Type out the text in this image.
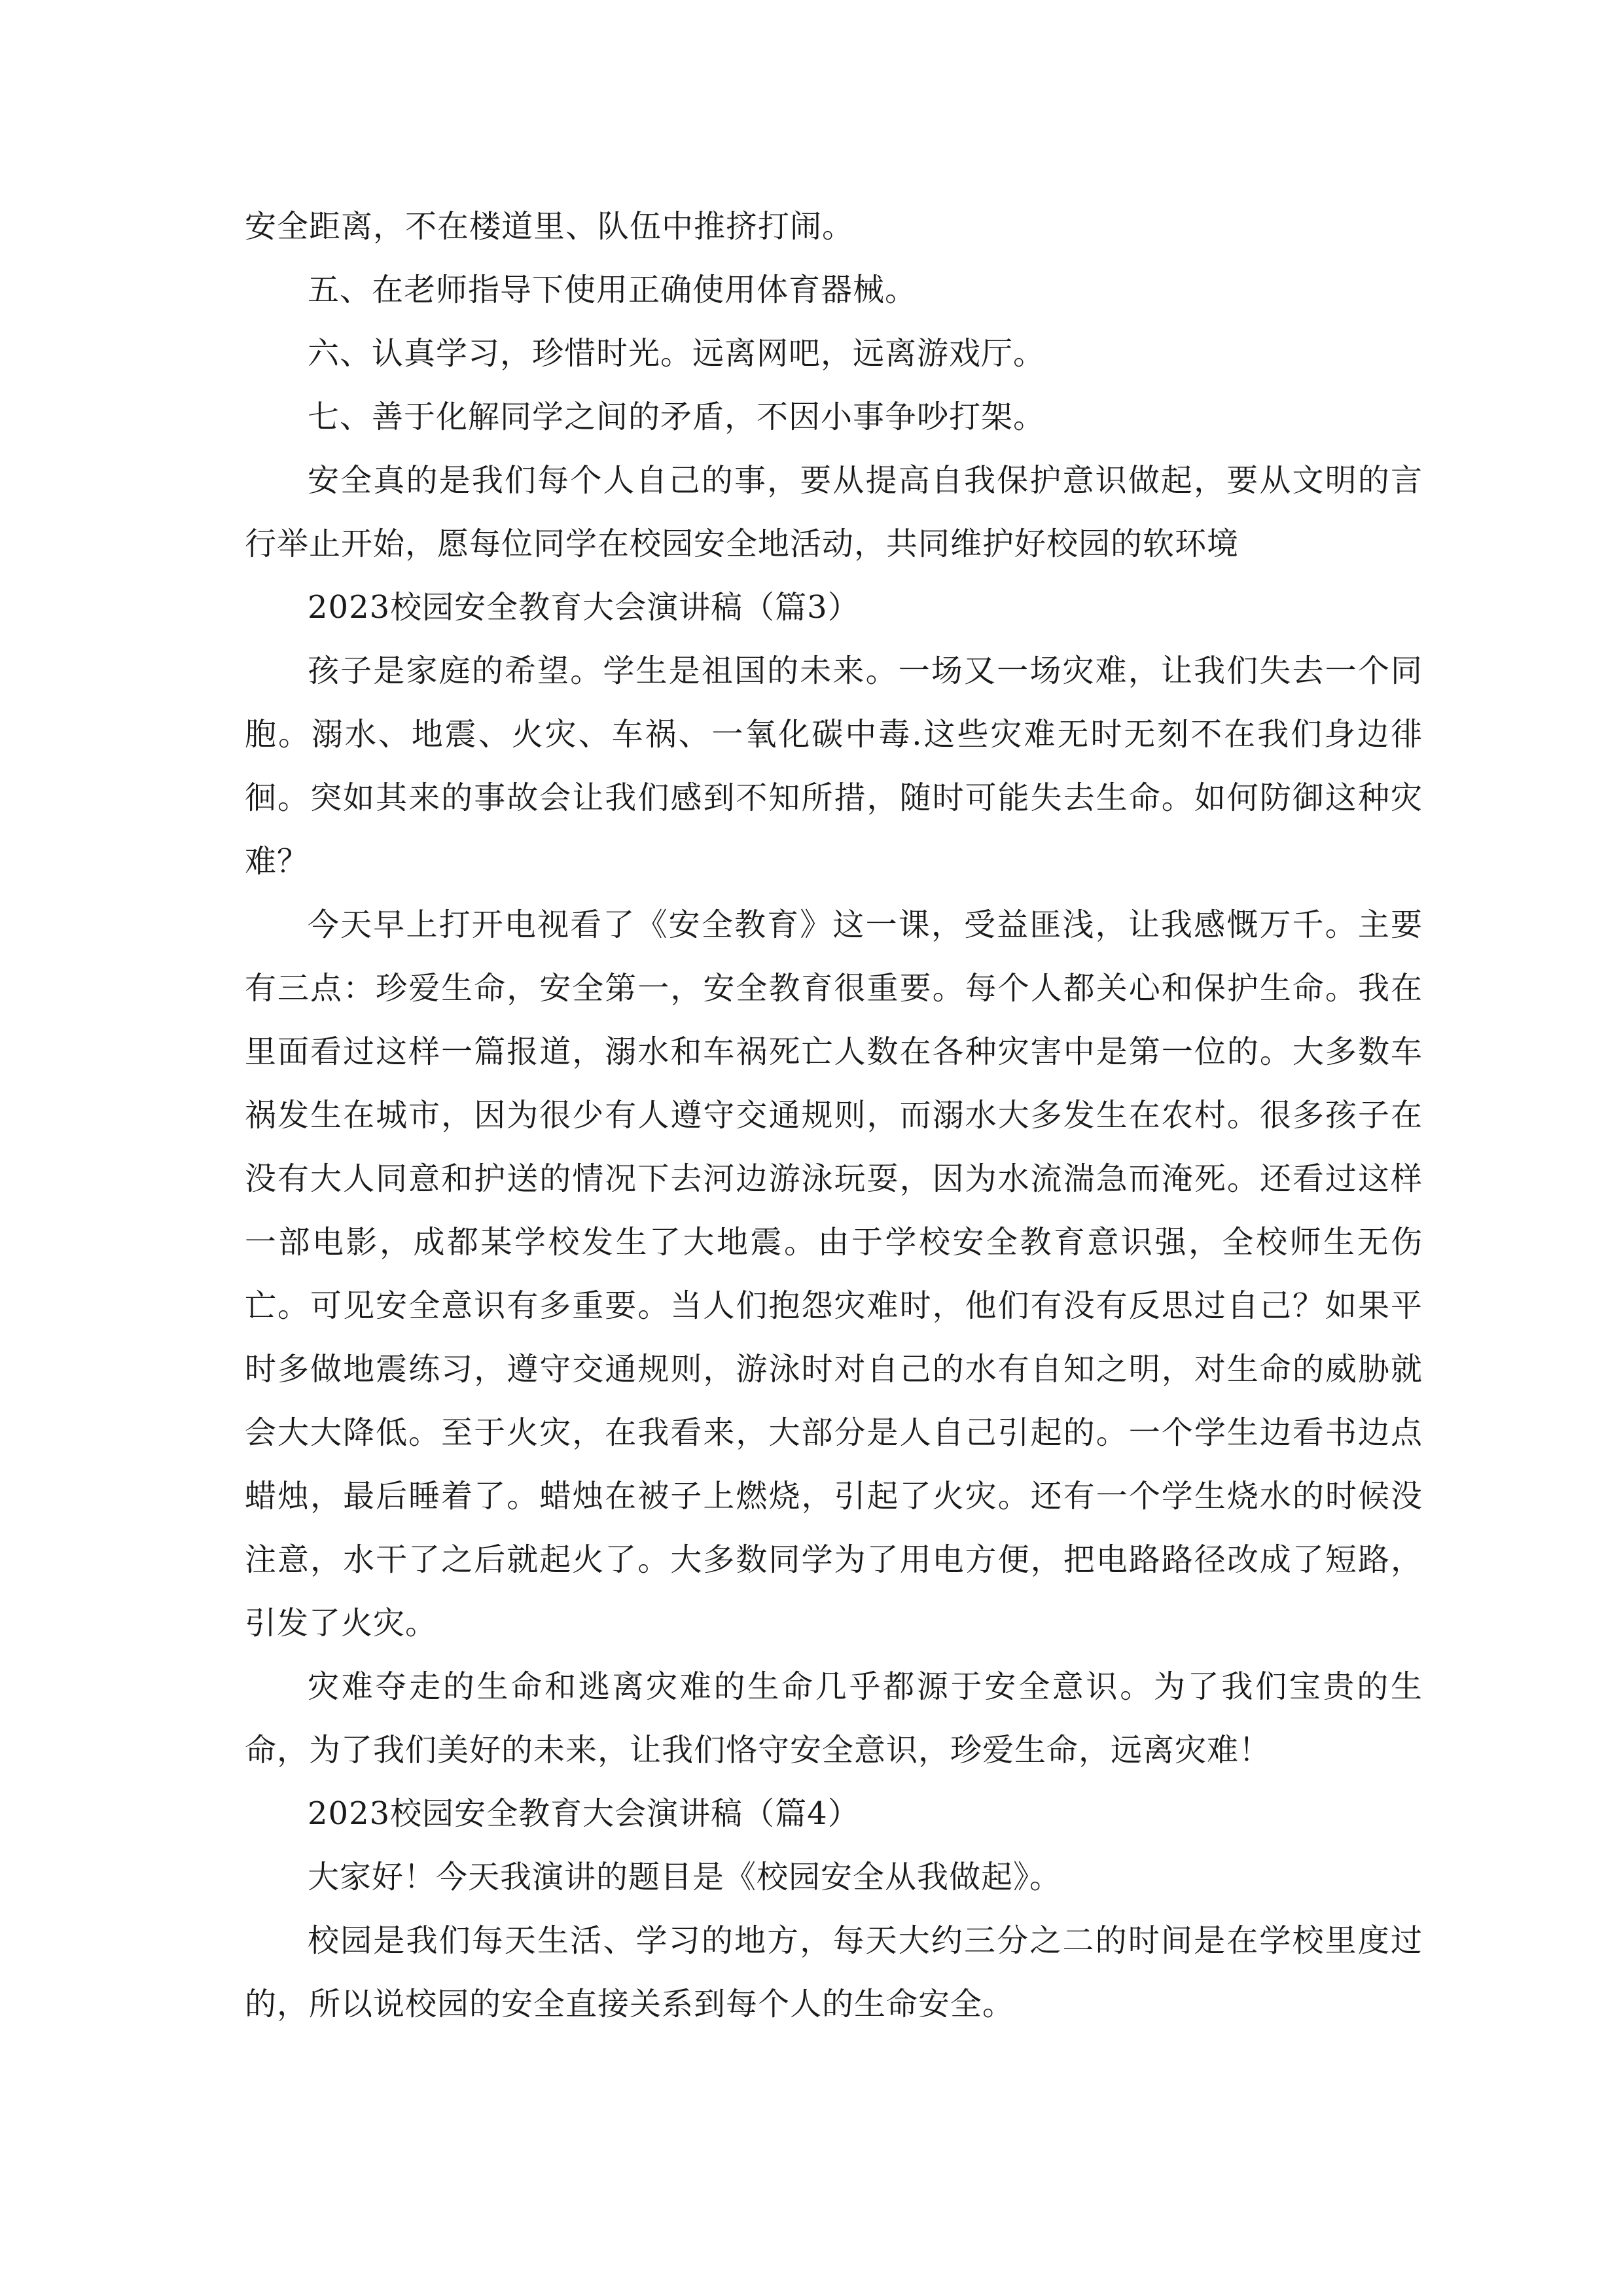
安全距离，不在楼道里、队伍中推挤打闹。

五、在老师指导下使用正确使用体育器械。

六、认真学习，珍惜时光。远离网吧，远离游戏厅。

七、善于化解同学之间的矛盾，不因小事争吵打架。

安全真的是我们每个人自己的事，要从提高自我保护意识做起，要从文明的言行举止开始，愿每位同学在校园安全地活动，共同维护好校园的软环境

2023校园安全教育大会演讲稿（篇3）

孩子是家庭的希望。学生是祖国的未来。一场又一场灾难，让我们失去一个同胞。溺水、地震、火灾、车祸、一氧化碳中毒.这些灾难无时无刻不在我们身边徘徊。突如其来的事故会让我们感到不知所措，随时可能失去生命。如何防御这种灾难？

今天早上打开电视看了《安全教育》这一课，受益匪浅，让我感慨万千。主要有三点：珍爱生命，安全第一，安全教育很重要。每个人都关心和保护生命。我在里面看过这样一篇报道，溺水和车祸死亡人数在各种灾害中是第一位的。大多数车祸发生在城市，因为很少有人遵守交通规则，而溺水大多发生在农村。很多孩子在没有大人同意和护送的情况下去河边游泳玩耍，因为水流湍急而淹死。还看过这样一部电影，成都某学校发生了大地震。由于学校安全教育意识强，全校师生无伤亡。可见安全意识有多重要。当人们抱怨灾难时，他们有没有反思过自己？如果平时多做地震练习，遵守交通规则，游泳时对自己的水有自知之明，对生命的威胁就会大大降低。至于火灾，在我看来，大部分是人自己引起的。一个学生边看书边点蜡烛，最后睡着了。蜡烛在被子上燃烧，引起了火灾。还有一个学生烧水的时候没注意，水干了之后就起火了。大多数同学为了用电方便，把电路路径改成了短路，引发了火灾。

灾难夺走的生命和逃离灾难的生命几乎都源于安全意识。为了我们宝贵的生命，为了我们美好的未来，让我们恪守安全意识，珍爱生命，远离灾难！

2023校园安全教育大会演讲稿（篇4）

大家好！今天我演讲的题目是《校园安全从我做起》。

校园是我们每天生活、学习的地方，每天大约三分之二的时间是在学校里度过的，所以说校园的安全直接关系到每个人的生命安全。
